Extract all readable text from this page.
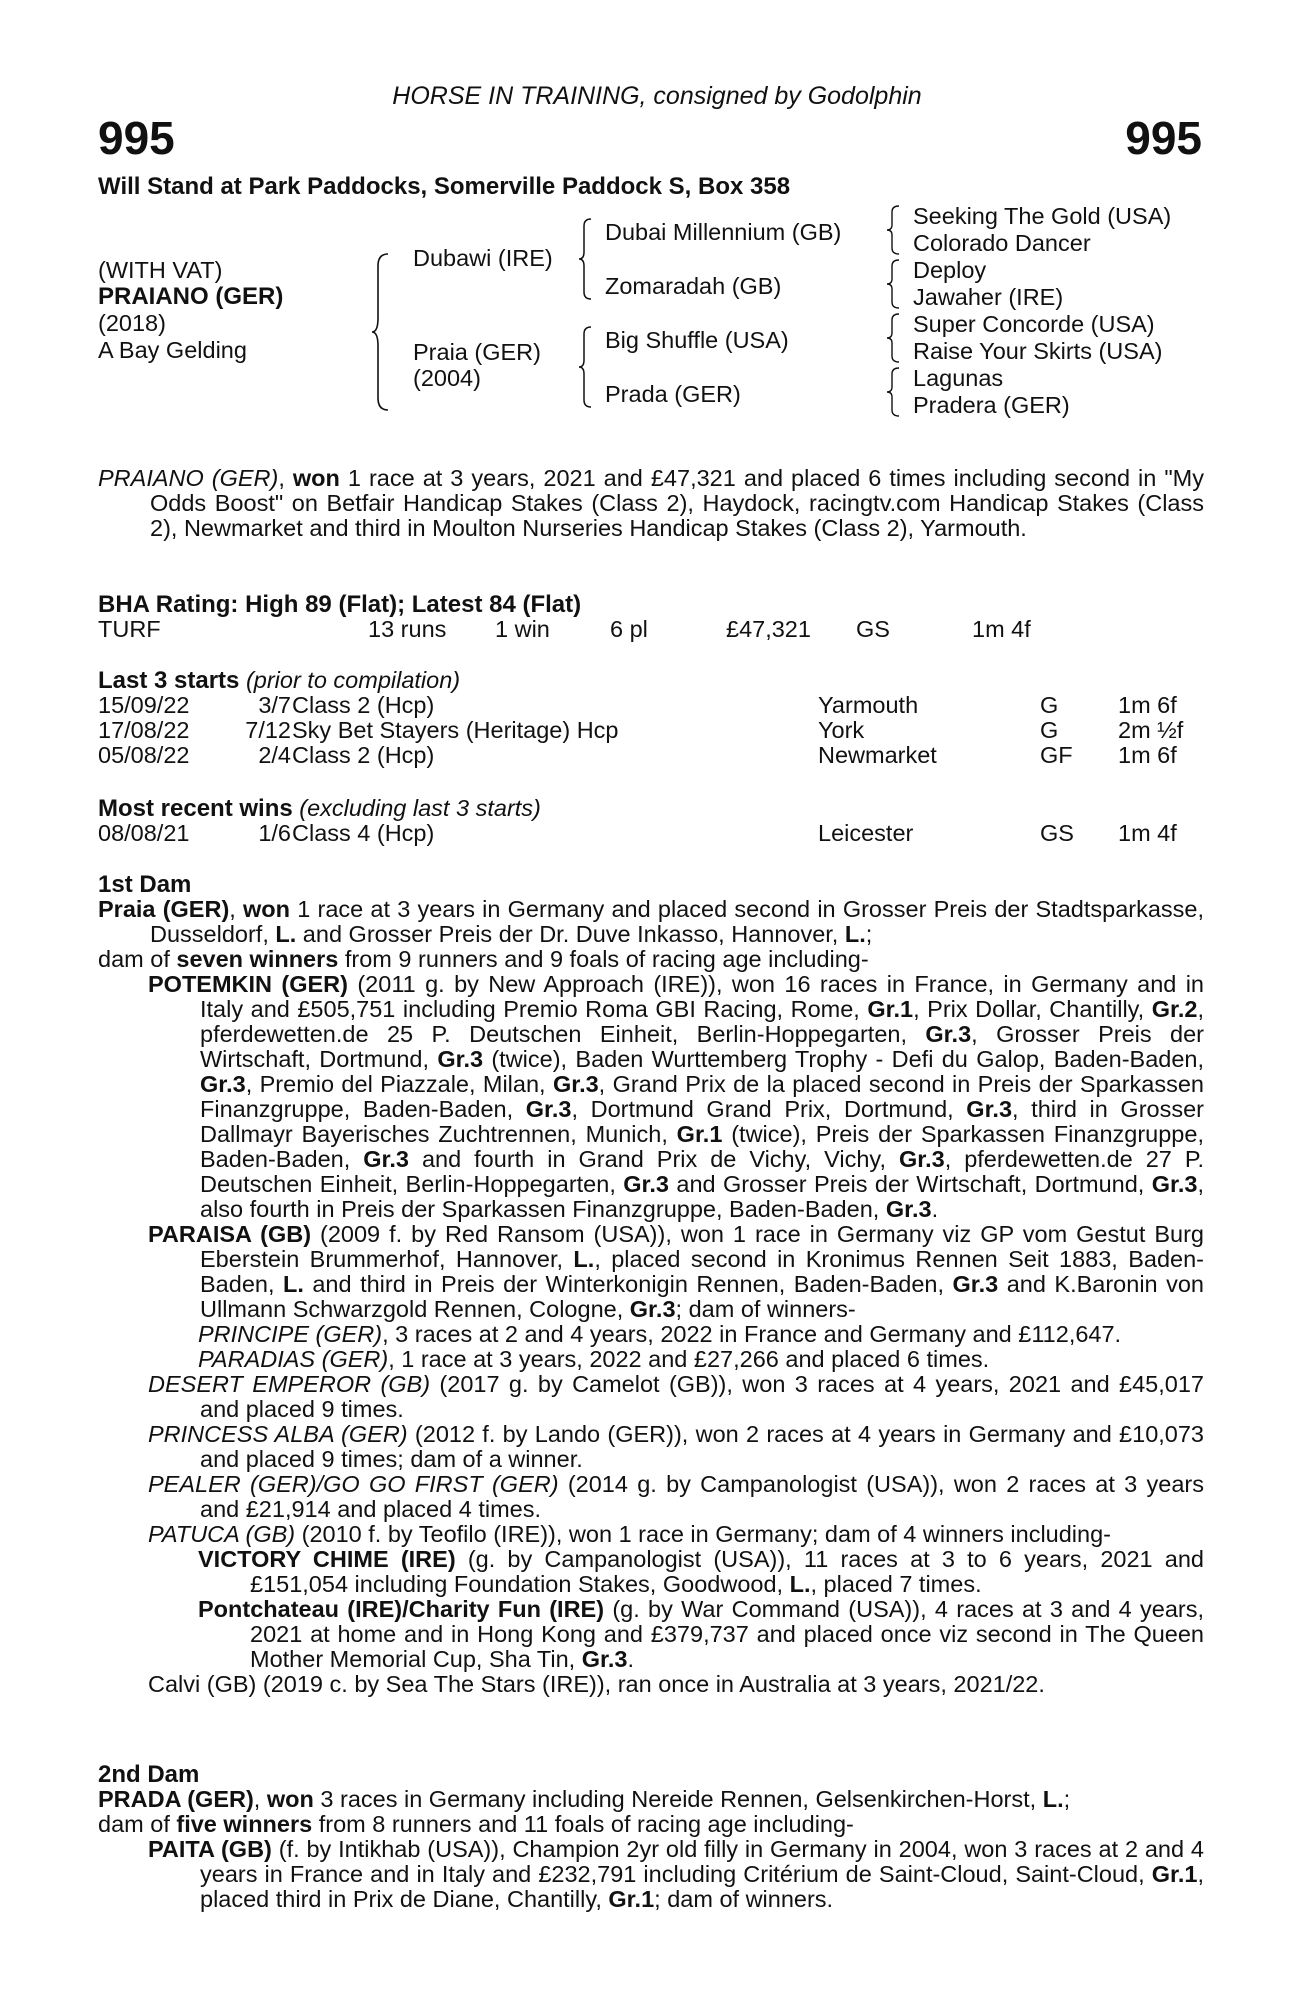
HORSE IN TRAINING, consigned by Godolphin
995	995
Will Stand at Park Paddocks, Somerville Paddock S, Box 358
(WITH VAT)
PRAIANO (GER)
(2018)
A Bay Gelding
Dubawi (IRE)
Praia (GER)
(2004)
Dubai Millennium (GB)
Zomaradah (GB)
Big Shuffle (USA)
Prada (GER)
Seeking The Gold (USA)
Colorado Dancer
Deploy
Jawaher (IRE)
Super Concorde (USA)
Raise Your Skirts (USA)
Lagunas
Pradera (GER)

PRAIANO (GER), won 1 race at 3 years, 2021 and £47,321 and placed 6 times including second in "My Odds Boost" on Betfair Handicap Stakes (Class 2), Haydock, racingtv.com Handicap Stakes (Class 2), Newmarket and third in Moulton Nurseries Handicap Stakes (Class 2), Yarmouth.

BHA Rating: High 89 (Flat); Latest 84 (Flat)
TURF	13 runs 1 win	6 pl	£47,321 GS	1m 4f
Last 3 starts (prior to compilation)
15/09/22	3/7 Class 2 (Hcp)	Yarmouth	G	1m 6f
17/08/22	7/12 Sky Bet Stayers (Heritage) Hcp	York	G	2m ½f
05/08/22	2/4 Class 2 (Hcp)	Newmarket	GF 1m 6f
Most recent wins (excluding last 3 starts)
08/08/21	1/6 Class 4 (Hcp)	Leicester	GS 1m 4f
1st Dam

Praia (GER), won 1 race at 3 years in Germany and placed second in Grosser Preis der Stadtsparkasse, Dusseldorf, L. and Grosser Preis der Dr. Duve Inkasso, Hannover, L.;

dam of seven winners from 9 runners and 9 foals of racing age including-

POTEMKIN (GER) (2011 g. by New Approach (IRE)), won 16 races in France, in Germany and in Italy and £505,751 including Premio Roma GBI Racing, Rome, Gr.1, Prix Dollar, Chantilly, Gr.2, pferdewetten.de 25 P. Deutschen Einheit, Berlin-Hoppegarten, Gr.3, Grosser Preis der Wirtschaft, Dortmund, Gr.3 (twice), Baden Wurttemberg Trophy - Defi du Galop, Baden-Baden, Gr.3, Premio del Piazzale, Milan, Gr.3, Grand Prix de la placed second in Preis der Sparkassen Finanzgruppe, Baden-Baden, Gr.3, Dortmund Grand Prix, Dortmund, Gr.3, third in Grosser Dallmayr Bayerisches Zuchtrennen, Munich, Gr.1 (twice), Preis der Sparkassen Finanzgruppe, Baden-Baden, Gr.3 and fourth in Grand Prix de Vichy, Vichy, Gr.3, pferdewetten.de 27 P. Deutschen Einheit, Berlin-Hoppegarten, Gr.3 and Grosser Preis der Wirtschaft, Dortmund, Gr.3, also fourth in Preis der Sparkassen Finanzgruppe, Baden-Baden, Gr.3.

PARAISA (GB) (2009 f. by Red Ransom (USA)), won 1 race in Germany viz GP vom Gestut Burg Eberstein Brummerhof, Hannover, L., placed second in Kronimus Rennen Seit 1883, Baden-Baden, L. and third in Preis der Winterkonigin Rennen, Baden-Baden, Gr.3 and K.Baronin von Ullmann Schwarzgold Rennen, Cologne, Gr.3; dam of winners-

PRINCIPE (GER), 3 races at 2 and 4 years, 2022 in France and Germany and £112,647.

PARADIAS (GER), 1 race at 3 years, 2022 and £27,266 and placed 6 times.

DESERT EMPEROR (GB) (2017 g. by Camelot (GB)), won 3 races at 4 years, 2021 and £45,017 and placed 9 times.

PRINCESS ALBA (GER) (2012 f. by Lando (GER)), won 2 races at 4 years in Germany and £10,073 and placed 9 times; dam of a winner.

PEALER (GER)/GO GO FIRST (GER) (2014 g. by Campanologist (USA)), won 2 races at 3 years and £21,914 and placed 4 times.

PATUCA (GB) (2010 f. by Teofilo (IRE)), won 1 race in Germany; dam of 4 winners including-

VICTORY CHIME (IRE) (g. by Campanologist (USA)), 11 races at 3 to 6 years, 2021 and £151,054 including Foundation Stakes, Goodwood, L., placed 7 times.

Pontchateau (IRE)/Charity Fun (IRE) (g. by War Command (USA)), 4 races at 3 and 4 years, 2021 at home and in Hong Kong and £379,737 and placed once viz second in The Queen Mother Memorial Cup, Sha Tin, Gr.3.

Calvi (GB) (2019 c. by Sea The Stars (IRE)), ran once in Australia at 3 years, 2021/22.

2nd Dam

PRADA (GER), won 3 races in Germany including Nereide Rennen, Gelsenkirchen-Horst, L.;

dam of five winners from 8 runners and 11 foals of racing age including-

PAITA (GB) (f. by Intikhab (USA)), Champion 2yr old filly in Germany in 2004, won 3 races at 2 and 4 years in France and in Italy and £232,791 including Critérium de Saint-Cloud, Saint-Cloud, Gr.1, placed third in Prix de Diane, Chantilly, Gr.1; dam of winners.
